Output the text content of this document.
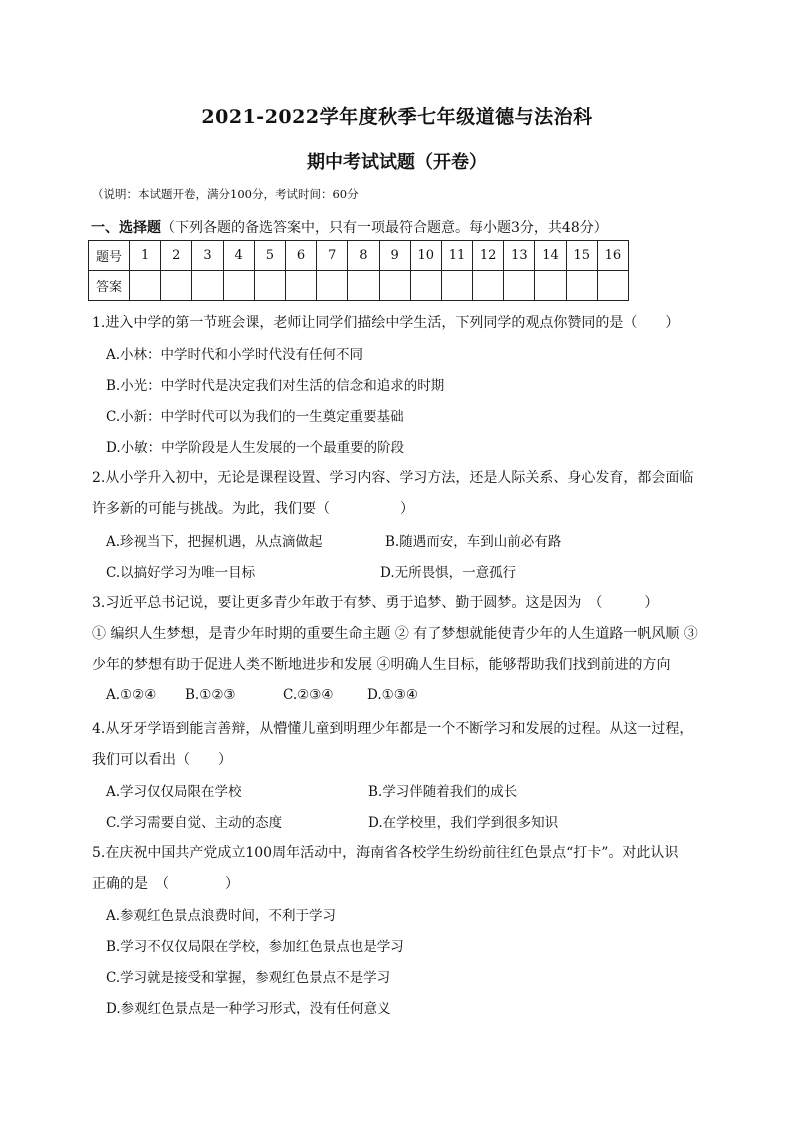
2021-2022学年度秋季七年级道德与法治科
期中考试试题（开卷）
（说明：本试题开卷，满分100分，考试时间：60分
一、选择题（下列各题的备选答案中，只有一项最符合题意。每小题3分，共48分）
题号	1	2	3	4	5	6	7	8	9	10	11	12	13	14	15	16
答案																
1.进入中学的第一节班会课，老师让同学们描绘中学生活，下列同学的观点你赞同的是（　　）
A.小林：中学时代和小学时代没有任何不同
B.小光：中学时代是决定我们对生活的信念和追求的时期
C.小新：中学时代可以为我们的一生奠定重要基础
D.小敏：中学阶段是人生发展的一个最重要的阶段
2.从小学升入初中，无论是课程设置、学习内容、学习方法，还是人际关系、身心发育，都会面临
许多新的可能与挑战。为此，我们要（　　　　　）
A.珍视当下，把握机遇，从点滴做起	B.随遇而安，车到山前必有路
C.以搞好学习为唯一目标	D.无所畏惧，一意孤行
3.习近平总书记说，要让更多青少年敢于有梦、勇于追梦、勤于圆梦。这是因为　（　　　）
① 编织人生梦想，是青少年时期的重要生命主题 ② 有了梦想就能使青少年的人生道路一帆风顺 ③
少年的梦想有助于促进人类不断地进步和发展 ④明确人生目标，能够帮助我们找到前进的方向
A.①②④ B.①②③	C.②③④ D.①③④
4.从牙牙学语到能言善辩，从懵懂儿童到明理少年都是一个不断学习和发展的过程。从这一过程，
我们可以看出（　　）
A.学习仅仅局限在学校	B.学习伴随着我们的成长
C.学习需要自觉、主动的态度	D.在学校里，我们学到很多知识
5.在庆祝中国共产党成立100周年活动中，海南省各校学生纷纷前往红色景点“打卡”。对此认识
正确的是　（　　　　）
A.参观红色景点浪费时间，不利于学习
B.学习不仅仅局限在学校，参加红色景点也是学习
C.学习就是接受和掌握，参观红色景点不是学习
D.参观红色景点是一种学习形式，没有任何意义
